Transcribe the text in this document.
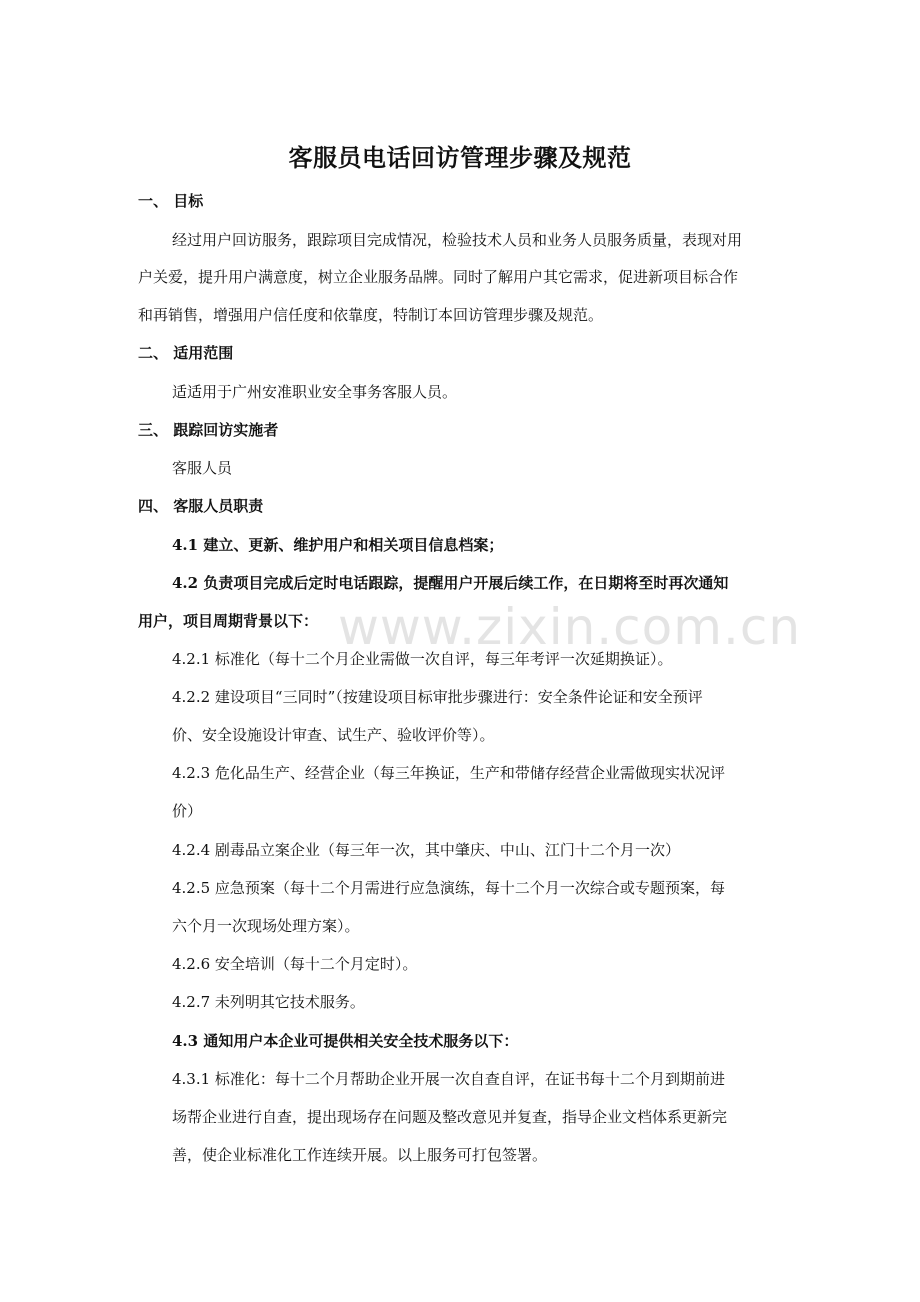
www.zixin.com.cn
客服员电话回访管理步骤及规范
一、 目标
经过用户回访服务，跟踪项目完成情况，检验技术人员和业务人员服务质量，表现对用
户关爱，提升用户满意度，树立企业服务品牌。同时了解用户其它需求，促进新项目标合作
和再销售，增强用户信任度和依靠度，特制订本回访管理步骤及规范。
二、 适用范围
适适用于广州安准职业安全事务客服人员。
三、 跟踪回访实施者
客服人员
四、 客服人员职责
4.1 建立、更新、维护用户和相关项目信息档案；
4.2 负责项目完成后定时电话跟踪，提醒用户开展后续工作，在日期将至时再次通知
用户，项目周期背景以下：
4.2.1 标准化（每十二个月企业需做一次自评，每三年考评一次延期换证）。
4.2.2 建设项目“三同时”（按建设项目标审批步骤进行：安全条件论证和安全预评
价、安全设施设计审查、试生产、验收评价等）。
4.2.3 危化品生产、经营企业（每三年换证，生产和带储存经营企业需做现实状况评
价）
4.2.4 剧毒品立案企业（每三年一次，其中肇庆、中山、江门十二个月一次）
4.2.5 应急预案（每十二个月需进行应急演练，每十二个月一次综合或专题预案，每
六个月一次现场处理方案）。
4.2.6 安全培训（每十二个月定时）。
4.2.7 未列明其它技术服务。
4.3 通知用户本企业可提供相关安全技术服务以下：
4.3.1 标准化：每十二个月帮助企业开展一次自查自评，在证书每十二个月到期前进
场帮企业进行自查，提出现场存在问题及整改意见并复查，指导企业文档体系更新完
善，使企业标准化工作连续开展。以上服务可打包签署。
